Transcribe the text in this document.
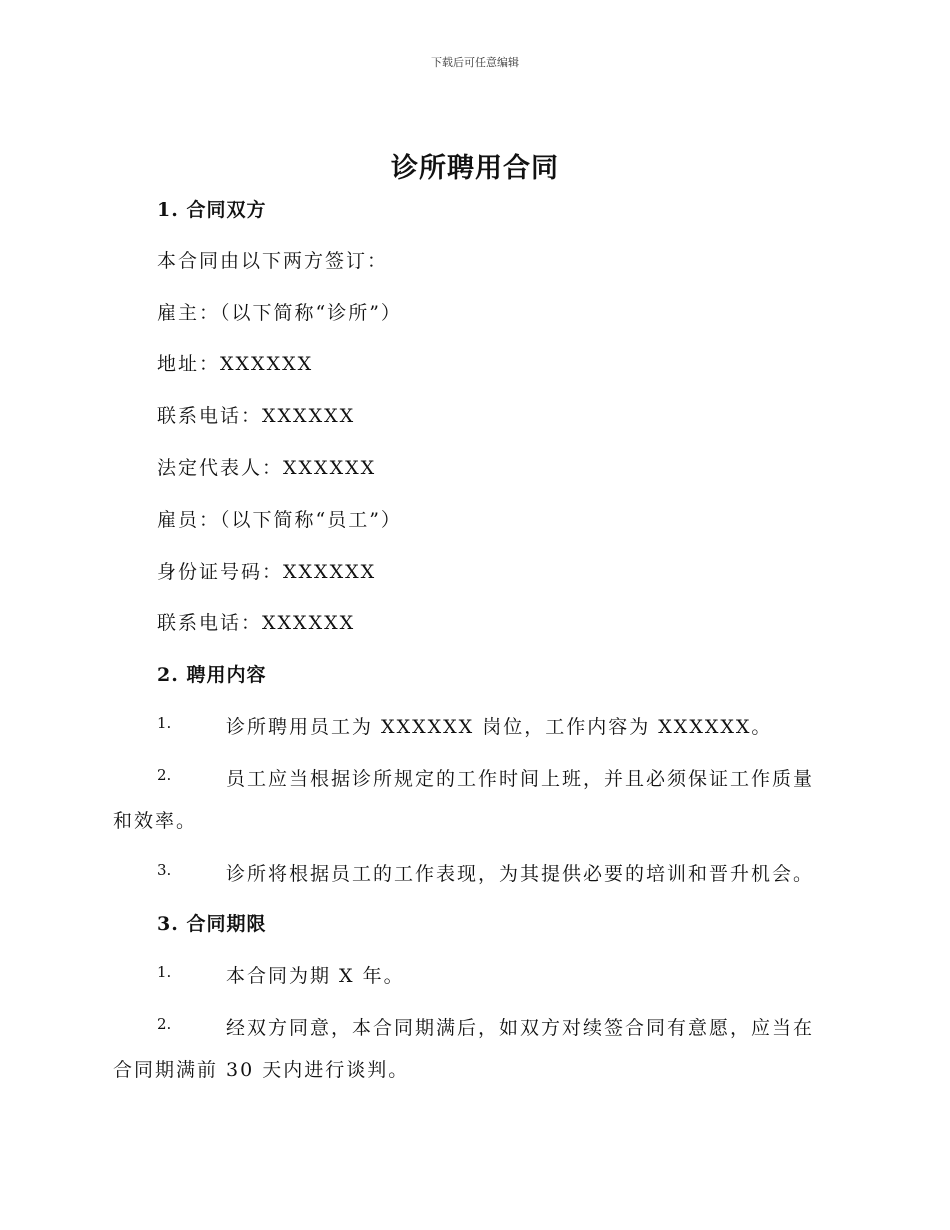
下载后可任意编辑
诊所聘用合同
1. 合同双方
本合同由以下两方签订：
雇主：（以下简称“诊所”）
地址：XXXXXX
联系电话：XXXXXX
法定代表人：XXXXXX
雇员：（以下简称“员工”）
身份证号码：XXXXXX
联系电话：XXXXXX
2. 聘用内容
1.	诊所聘用员工为 XXXXXX 岗位，工作内容为 XXXXXX。
2.	员工应当根据诊所规定的工作时间上班，并且必须保证工作质量
和效率。
3.	诊所将根据员工的工作表现，为其提供必要的培训和晋升机会。
3. 合同期限
1.	本合同为期 X 年。
2.	经双方同意，本合同期满后，如双方对续签合同有意愿，应当在
合同期满前 30 天内进行谈判。
